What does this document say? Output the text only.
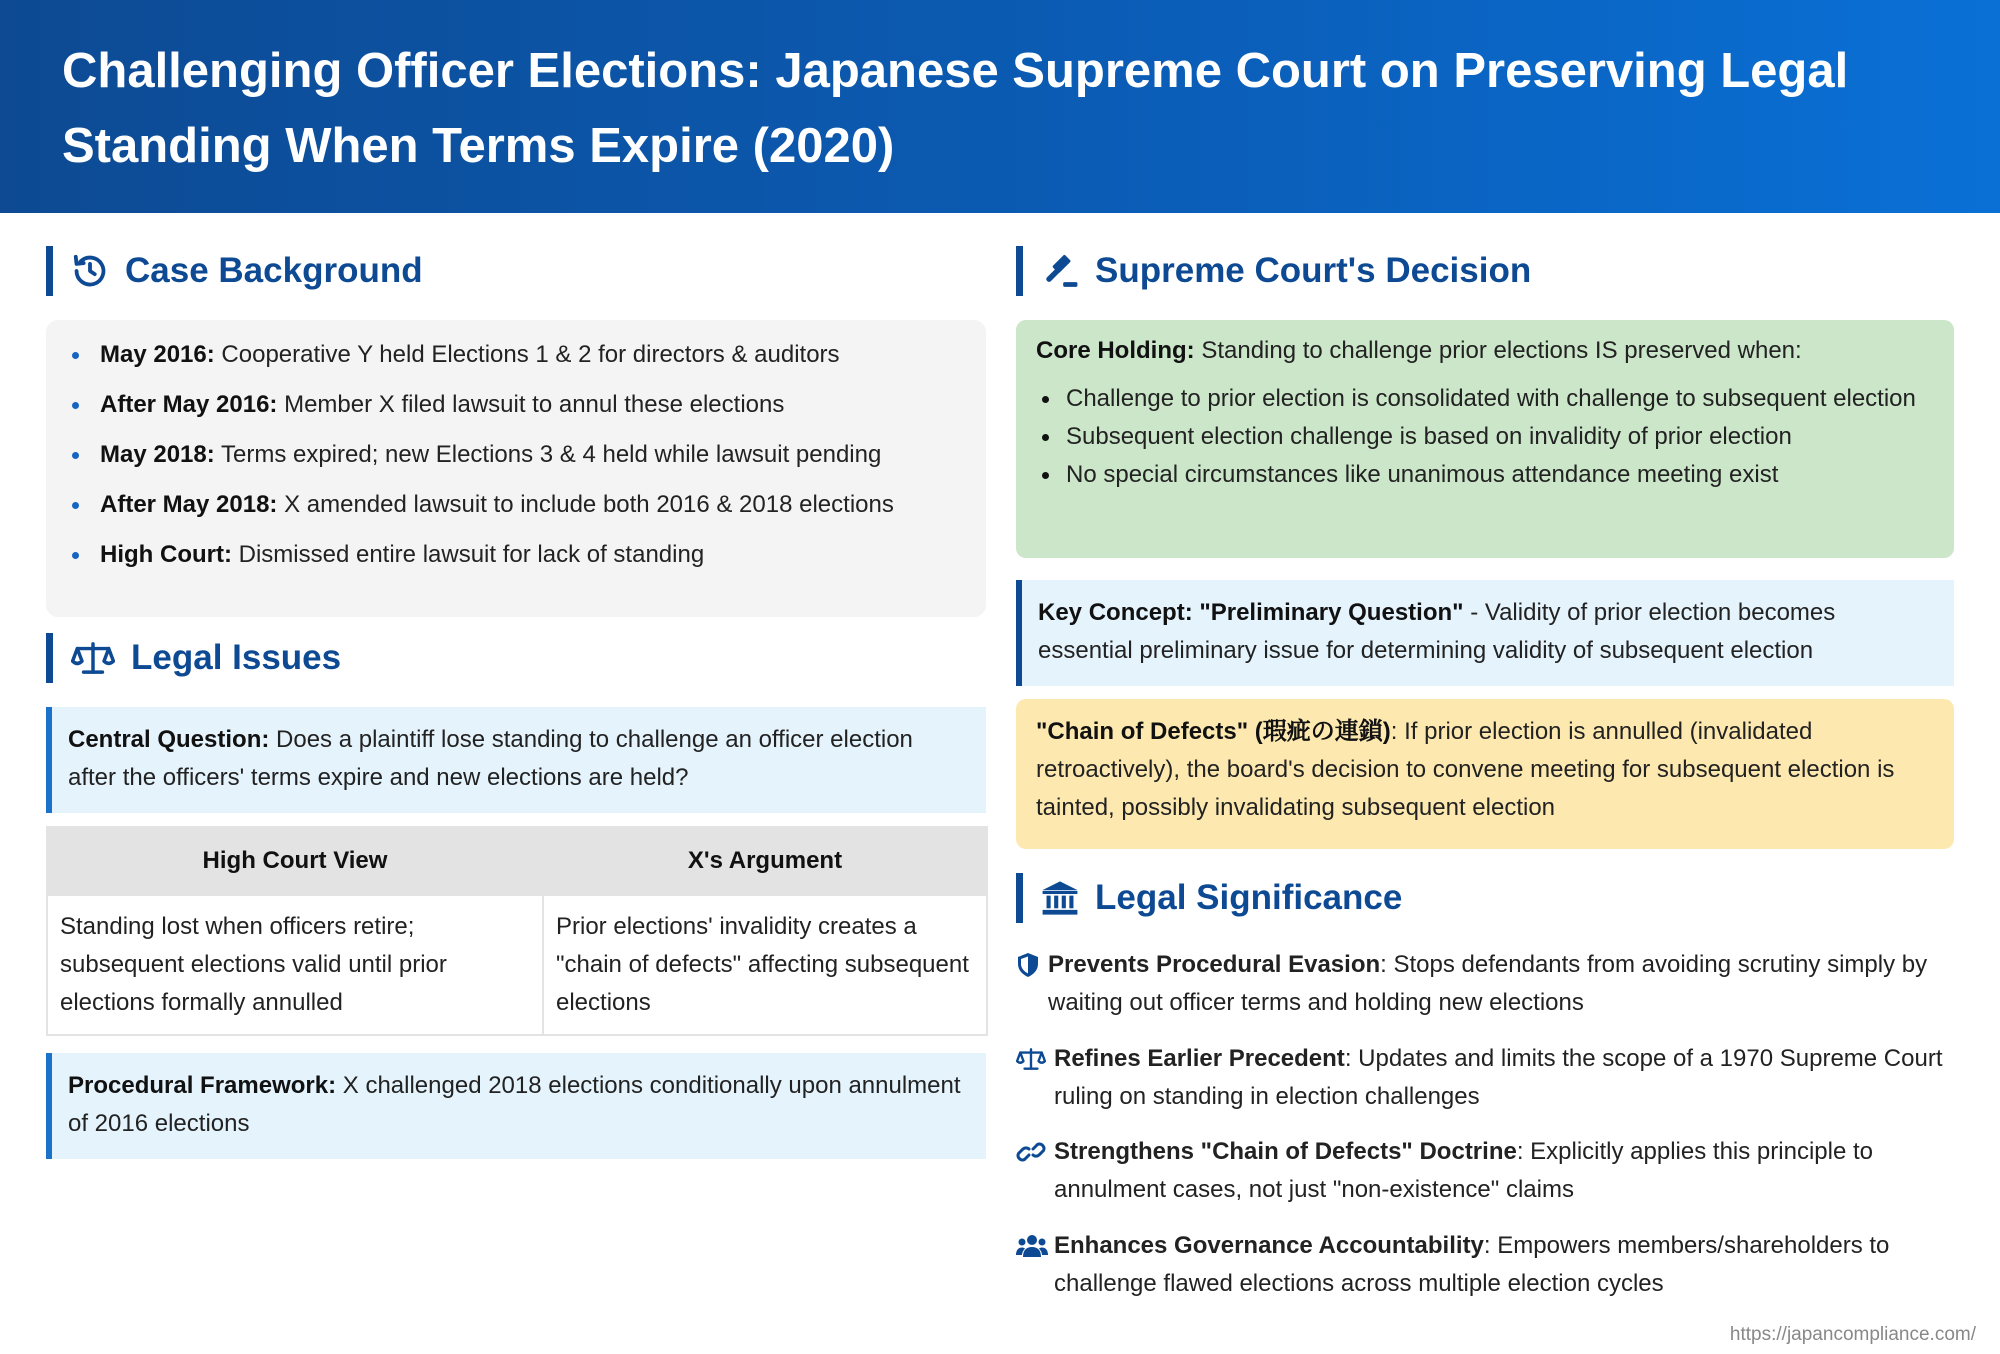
Challenging Officer Elections: Japanese Supreme Court on Preserving Legal Standing When Terms Expire (2020)
Case Background
May 2016: Cooperative Y held Elections 1 & 2 for directors & auditors
After May 2016: Member X filed lawsuit to annul these elections
May 2018: Terms expired; new Elections 3 & 4 held while lawsuit pending
After May 2018: X amended lawsuit to include both 2016 & 2018 elections
High Court: Dismissed entire lawsuit for lack of standing
Legal Issues
Central Question: Does a plaintiff lose standing to challenge an officer election after the officers' terms expire and new elections are held?
High Court View	X's Argument
Standing lost when officers retire; subsequent elections valid until prior elections formally annulled	Prior elections' invalidity creates a "chain of defects" affecting subsequent elections
Procedural Framework: X challenged 2018 elections conditionally upon annulment of 2016 elections
Supreme Court's Decision
Core Holding: Standing to challenge prior elections IS preserved when:
Challenge to prior election is consolidated with challenge to subsequent election
Subsequent election challenge is based on invalidity of prior election
No special circumstances like unanimous attendance meeting exist
Key Concept: "Preliminary Question" - Validity of prior election becomes essential preliminary issue for determining validity of subsequent election
"Chain of Defects" (瑕疵の連鎖): If prior election is annulled (invalidated retroactively), the board's decision to convene meeting for subsequent election is tainted, possibly invalidating subsequent election
Legal Significance
Prevents Procedural Evasion: Stops defendants from avoiding scrutiny simply by waiting out officer terms and holding new elections
Refines Earlier Precedent: Updates and limits the scope of a 1970 Supreme Court ruling on standing in election challenges
Strengthens "Chain of Defects" Doctrine: Explicitly applies this principle to annulment cases, not just "non-existence" claims
Enhances Governance Accountability: Empowers members/shareholders to challenge flawed elections across multiple election cycles
https://japancompliance.com/
